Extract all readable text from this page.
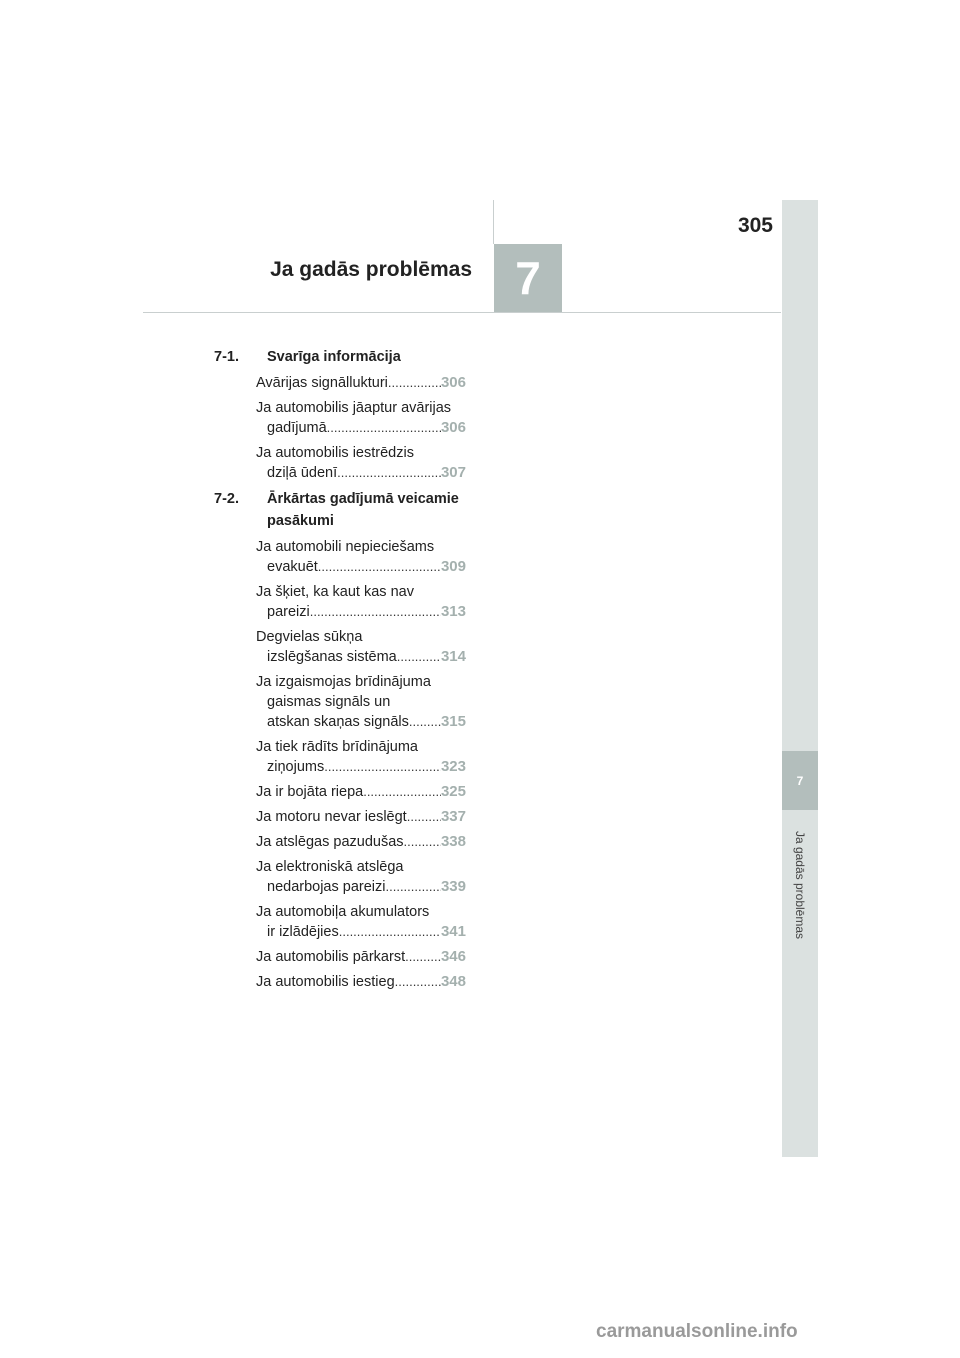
305
Ja gadās problēmas 7
7
Ja gadās problēmas
7-1. Svarīga informācija
Avārijas signāllukturi .....	306
Ja automobilis jāaptur avārijas
gadījumā .....	306
Ja automobilis iestrēdzis
dziļā ūdenī .....	307
7-2. Ārkārtas gadījumā veicamie
pasākumi
Ja automobili nepieciešams
evakuēt .....	309
Ja šķiet, ka kaut kas nav
pareizi .....	313
Degvielas sūkņa
izslēgšanas sistēma .....	314
Ja izgaismojas brīdinājuma
gaismas signāls un
atskan skaņas signāls ..... 315
Ja tiek rādīts brīdinājuma
ziņojums .....	323
Ja ir bojāta riepa .....	325
Ja motoru nevar ieslēgt ..... 337
Ja atslēgas pazudušas ..... 338
Ja elektroniskā atslēga
nedarbojas pareizi .....	339
Ja automobiļa akumulators
ir izlādējies .....	341
Ja automobilis pārkarst ..... 346
Ja automobilis iestieg .....	348
carmanualsonline.info
